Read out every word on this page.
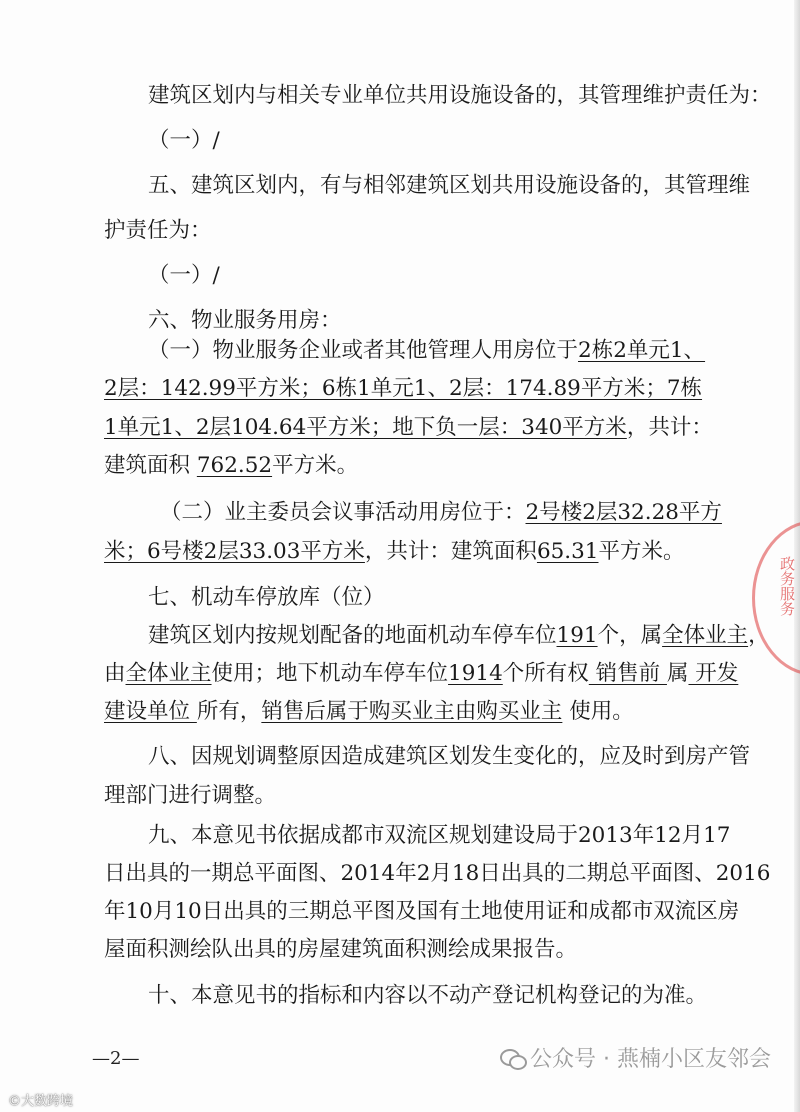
建筑区划内与相关专业单位共用设施设备的，其管理维护责任为：
（一）/
五、建筑区划内，有与相邻建筑区划共用设施设备的，其管理维
护责任为：
（一）/
六、物业服务用房：
（一）物业服务企业或者其他管理人用房位于2栋2单元1、
2层：142.99平方米；6栋1单元1、2层：174.89平方米；7栋
1单元1、2层104.64平方米；地下负一层：340平方米，共计：
建筑面积 762.52平方米。
（二）业主委员会议事活动用房位于：2号楼2层32.28平方
米；6号楼2层33.03平方米，共计：建筑面积65.31平方米。
七、机动车停放库（位）
建筑区划内按规划配备的地面机动车停车位191个，属全体业主，
由全体业主使用；地下机动车停车位1914个所有权 销售前 属 开发
建设单位 所有，销售后属于购买业主由购买业主 使用。
八、因规划调整原因造成建筑区划发生变化的，应及时到房产管
理部门进行调整。
九、本意见书依据成都市双流区规划建设局于2013年12月17
日出具的一期总平面图、2014年2月18日出具的二期总平面图、2016
年10月10日出具的三期总平图及国有土地使用证和成都市双流区房
屋面积测绘队出具的房屋建筑面积测绘成果报告。
十、本意见书的指标和内容以不动产登记机构登记的为准。
政务服务
—2—
©大数跨境
公众号 · 燕楠小区友邻会
